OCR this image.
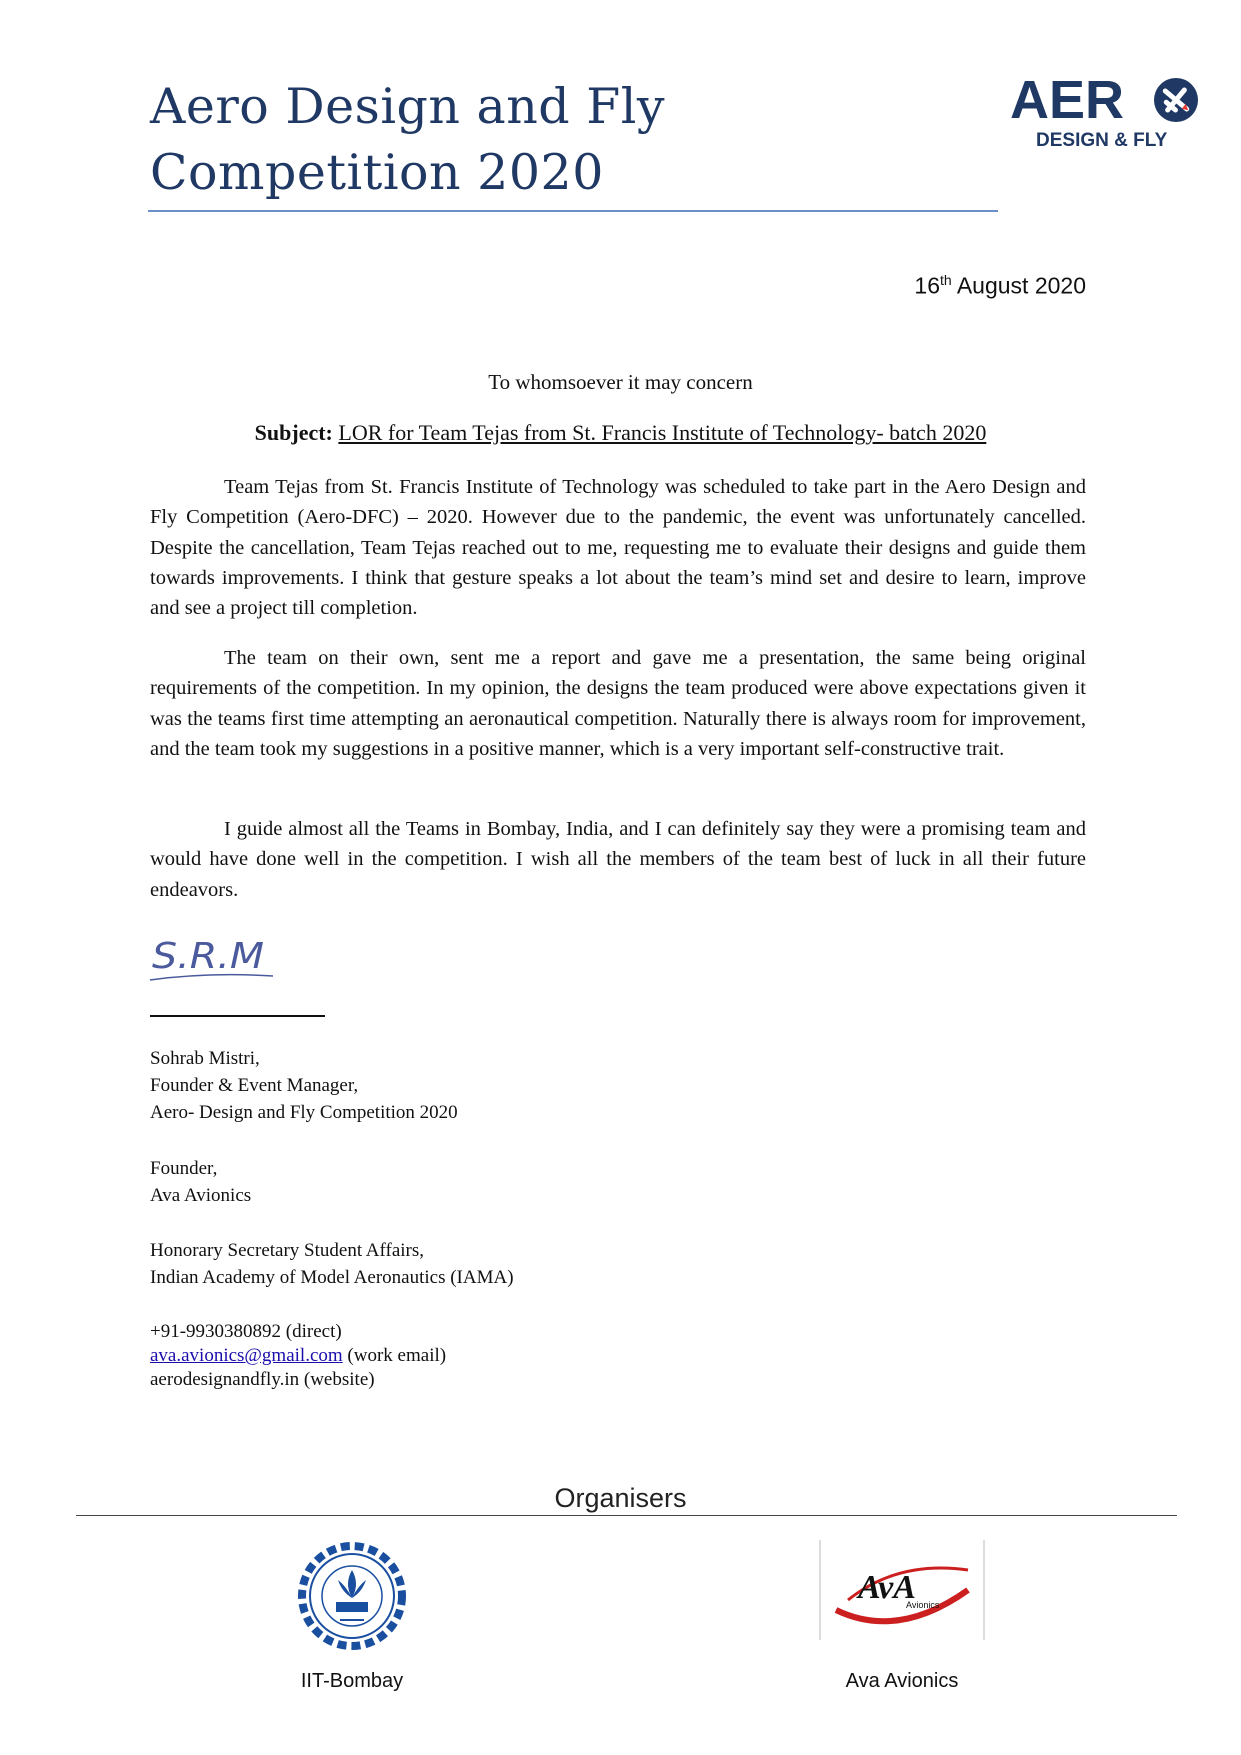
Aero Design and Fly Competition 2020
AER
DESIGN & FLY
16th August 2020
To whomsoever it may concern
Subject: LOR for Team Tejas from St. Francis Institute of Technology- batch 2020
Team Tejas from St. Francis Institute of Technology was scheduled to take part in the Aero Design and Fly Competition (Aero-DFC) – 2020. However due to the pandemic, the event was unfortunately cancelled. Despite the cancellation, Team Tejas reached out to me, requesting me to evaluate their designs and guide them towards improvements. I think that gesture speaks a lot about the team’s mind set and desire to learn, improve and see a project till completion.
The team on their own, sent me a report and gave me a presentation, the same being original requirements of the competition. In my opinion, the designs the team produced were above expectations given it was the teams first time attempting an aeronautical competition. Naturally there is always room for improvement, and the team took my suggestions in a positive manner, which is a very important self-constructive trait.
I guide almost all the Teams in Bombay, India, and I can definitely say they were a promising team and would have done well in the competition. I wish all the members of the team best of luck in all their future endeavors.
S.R.M
Sohrab Mistri,
Founder & Event Manager,
Aero- Design and Fly Competition 2020
Founder,
Ava Avionics
Honorary Secretary Student Affairs,
Indian Academy of Model Aeronautics (IAMA)
+91-9930380892 (direct)
ava.avionics@gmail.com (work email)
aerodesignandfly.in (website)
Organisers
AvA
Avionics
IIT-Bombay	Ava Avionics
